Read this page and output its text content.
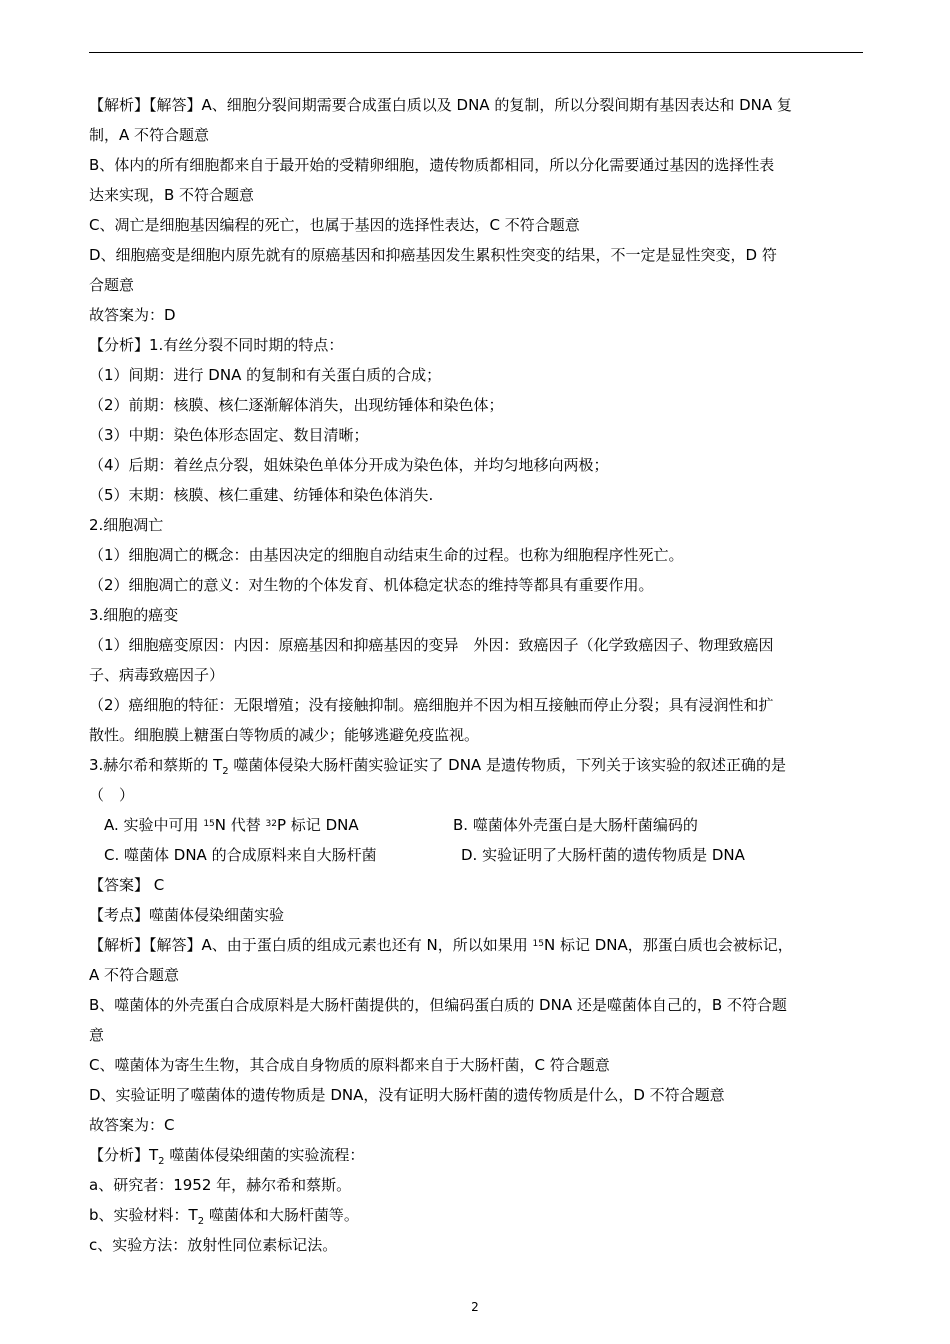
【解析】【解答】A、细胞分裂间期需要合成蛋白质以及 DNA 的复制，所以分裂间期有基因表达和 DNA 复
制，A 不符合题意
B、体内的所有细胞都来自于最开始的受精卵细胞，遗传物质都相同，所以分化需要通过基因的选择性表
达来实现，B 不符合题意
C、凋亡是细胞基因编程的死亡，也属于基因的选择性表达，C 不符合题意
D、细胞癌变是细胞内原先就有的原癌基因和抑癌基因发生累积性突变的结果，不一定是显性突变，D 符
合题意
故答案为：D
【分析】1.有丝分裂不同时期的特点：
（1）间期：进行 DNA 的复制和有关蛋白质的合成；
（2）前期：核膜、核仁逐渐解体消失，出现纺锤体和染色体；
（3）中期：染色体形态固定、数目清晰；
（4）后期：着丝点分裂，姐妹染色单体分开成为染色体，并均匀地移向两极；
（5）末期：核膜、核仁重建、纺锤体和染色体消失.
2.细胞凋亡
（1）细胞凋亡的概念：由基因决定的细胞自动结束生命的过程。也称为细胞程序性死亡。
（2）细胞凋亡的意义：对生物的个体发育、机体稳定状态的维持等都具有重要作用。
3.细胞的癌变
（1）细胞癌变原因：内因：原癌基因和抑癌基因的变异　外因：致癌因子（化学致癌因子、物理致癌因
子、病毒致癌因子）
（2）癌细胞的特征：无限增殖；没有接触抑制。癌细胞并不因为相互接触而停止分裂；具有浸润性和扩
散性。细胞膜上糖蛋白等物质的减少；能够逃避免疫监视。
3.赫尔希和蔡斯的 $T_2$ 噬菌体侵染大肠杆菌实验证实了 DNA 是遗传物质，下列关于该实验的叙述正确的是
（　）
A. 实验中可用 $^{15}$N 代替 $^{32}$P 标记 DNA	B. 噬菌体外壳蛋白是大肠杆菌编码的
C. 噬菌体 DNA 的合成原料来自大肠杆菌	D. 实验证明了大肠杆菌的遗传物质是 DNA
【答案】 C
【考点】噬菌体侵染细菌实验
【解析】【解答】A、由于蛋白质的组成元素也还有 N，所以如果用 $^{15}$N 标记 DNA，那蛋白质也会被标记，
A 不符合题意
B、噬菌体的外壳蛋白合成原料是大肠杆菌提供的，但编码蛋白质的 DNA 还是噬菌体自己的，B 不符合题
意
C、噬菌体为寄生生物，其合成自身物质的原料都来自于大肠杆菌，C 符合题意
D、实验证明了噬菌体的遗传物质是 DNA，没有证明大肠杆菌的遗传物质是什么，D 不符合题意
故答案为：C
【分析】$T_2$ 噬菌体侵染细菌的实验流程：
a、研究者：1952 年，赫尔希和蔡斯。
b、实验材料：$T_2$ 噬菌体和大肠杆菌等。
c、实验方法：放射性同位素标记法。
2
